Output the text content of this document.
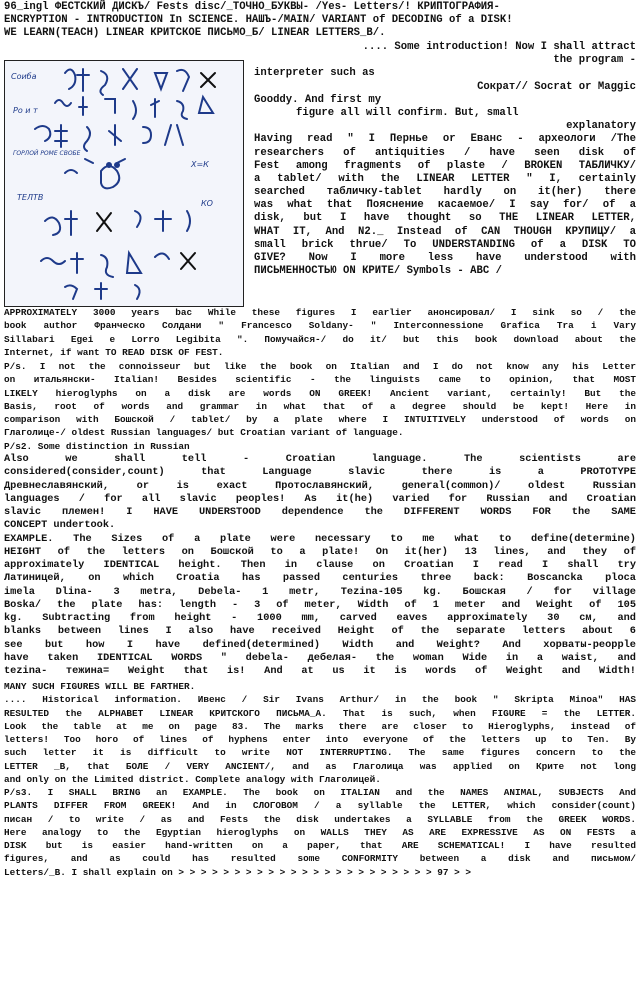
96_ingl ФЕСТСКИЙ ДИСКЪ/ Fests disc/_ТОЧНО_БУКВЫ- /Yes- Letters/! КРИПТОГРАФИЯ-
ENCRYPTION - INTRODUCTION In SCIENCE. НАШЪ-/MAIN/ VARIANT of DECODING of a DISK!
WE LEARN(TEACH) LINEAR КРИТСКОЕ ПИСЬМО_Б/ LINEAR LETTERS_B/.
Соиба
Ро и т
ГОРЛОЙ РОМЕ СВОБЕ
ТЕЛТВ
Х=К
КО
.... Some introduction! Now I shall attract
the program -
interpreter such as
Сократ// Socrat or Maggic
Gooddy. And first my
figure all will confirm. But, small
explanatory
Having read " I Пернье or Еванс - археологи /The
researchers of antiquities / have seen disk of
Fest among fragments of plaste / BROKEN ТАБЛИЧКУ/
a tablet/ with the LINEAR LETTER " I, certainly
searched табличку-tablet hardly on it(her) there
was what that Пояснение касаемое/ I say for/ of a
disk, but I have thought so THE LINEAR LETTER,
WHAT IT, And N2._ Instead of CAN THOUGH КРУПИЦУ/ a
small brick thrue/ To UNDERSTANDING of a DISK TO
GIVE? Now I more less have understood with
ПИСЬМЕННОСТЬЮ ON КРИТЕ/ Symbols - ABC /
APPROXIMATELY 3000 years bac While these figures I earlier анонсировал/ I sink so / the
book author Франческо Солдани " Francesco Soldany- " Interconnessione Grafica Tra i Vary
Sillabari Egei e Lorro Legibita ". Помучайся-/ do it/ but this book download about the
Internet, if want TO READ DISK OF FEST.
P/s. I not the connoisseur but like the book on Italian and I do not know any his Letter
on итальянски- Italian! Besides scientific - the linguists came to opinion, that MOST
LIKELY hieroglyphs on a disk are words ON GREEK! Ancient variant, certainly! But the
Basis, root of words and grammar in what that of a degree should be kept! Here in
comparison with Бошской / tablet/ by a plate where I INTUITIVELY understood of words on
Глаголице-/ oldest Russian languages/ but Croatian variant of language.
P/s2. Some distinction in Russian
Also we shall tell - Croatian language. The scientists are
considered(consider,count) that Language slavic there is a PROTOTYPE
Древнеславянский, or is exact Протославянский, general(common)/ oldest Russian
languages / for all slavic peoples! As it(he) varied for Russian and Croatian
slavic племен! I HAVE UNDERSTOOD dependence the DIFFERENT WORDS FOR the SAME
CONCEPT undertook.
EXAMPLE. The Sizes of a plate were necessary to me what to define(determine)
HEIGHT of the letters on Бошской to a plate! On it(her) 13 lines, and they of
approximately IDENTICAL height. Then in clause on Croatian I read I shall try
Латиницей, on which Croatia has passed centuries three back: Boscancka ploca
imela Dlina- 3 metra, Debela- 1 metr, Tezina-105 kg. Бошская / for village
Boska/ the plate has: length - 3 of meter, Width of 1 meter and Weight of 105
kg. Subtracting from height - 1000 mm, carved eaves approximately 30 см, and
blanks between lines I also have received Height of the separate letters about 6
see but how I have defined(determined) Width and Weight? And хорваты-peopple
have taken IDENTICAL WORDS " debela- дебелая- the woman Wide in a waist, and
tezina- тежина= Weight that is! And at us it is words of Weight and Width!
MANY SUCH FIGURES WILL BE FARTHER.
.... Historical information. Ивенс / Sir Ivans Arthur/ in the book " Skripta Minoa" HAS
RESULTED the ALPHABET LINEAR КРИТСКОГО ПИСЬМА_А. That is such, when FIGURE = the LETTER.
Look the table at me on page 83. The marks there are closer to Hieroglyphs, instead of
letters! Too horo of lines of hyphens enter into everyone of the letters up to Ten. By
such letter it is difficult to write NOT INTERRUPTING. The same figures concern to the
LETTER _B, that БОЛЕ / VERY ANCIENT/, and as Глаголица was applied on Крите not long
and only on the Limited district. Complete analogy with Глаголицей.
P/s3. I SHALL BRING an EXAMPLE. The book on ITALIAN and the NAMES ANIMAL, SUBJECTS And
PLANTS DIFFER FROM GREEK! And in СЛОГОВОМ / a syllable the LETTER, which consider(count)
писан / to write / as and Fests the disk undertakes a SYLLABLE from the GREEK WORDS.
Here analogy to the Egyptian hieroglyphs on WALLS THEY AS ARE EXPRESSIVE AS ON FESTS a
DISK but is easier hand-written on a paper, that ARE SCHEMATICAL! I have resulted
figures, and as could has resulted some CONFORMITY between a disk and письмом/
Letters/_B. I shall explain on > > > > > > > > > > > > > > > > > > > > > > > 97 > >
